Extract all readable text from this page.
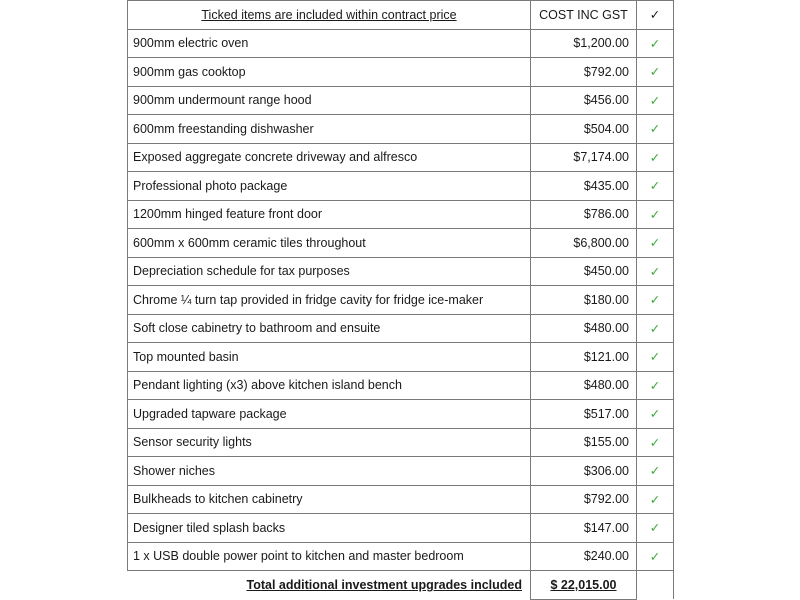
Ticked items are included within contract price	COST INC GST	✓
900mm electric oven	$1,200.00	✓
900mm gas cooktop	$792.00	✓
900mm undermount range hood	$456.00	✓
600mm freestanding dishwasher	$504.00	✓
Exposed aggregate concrete driveway and alfresco	$7,174.00	✓
Professional photo package	$435.00	✓
1200mm hinged feature front door	$786.00	✓
600mm x 600mm ceramic tiles throughout	$6,800.00	✓
Depreciation schedule for tax purposes	$450.00	✓
Chrome ¼ turn tap provided in fridge cavity for fridge ice-maker	$180.00	✓
Soft close cabinetry to bathroom and ensuite	$480.00	✓
Top mounted basin	$121.00	✓
Pendant lighting (x3) above kitchen island bench	$480.00	✓
Upgraded tapware package	$517.00	✓
Sensor security lights	$155.00	✓
Shower niches	$306.00	✓
Bulkheads to kitchen cabinetry	$792.00	✓
Designer tiled splash backs	$147.00	✓
1 x USB double power point to kitchen and master bedroom	$240.00	✓
Total additional investment upgrades included	$ 22,015.00	
